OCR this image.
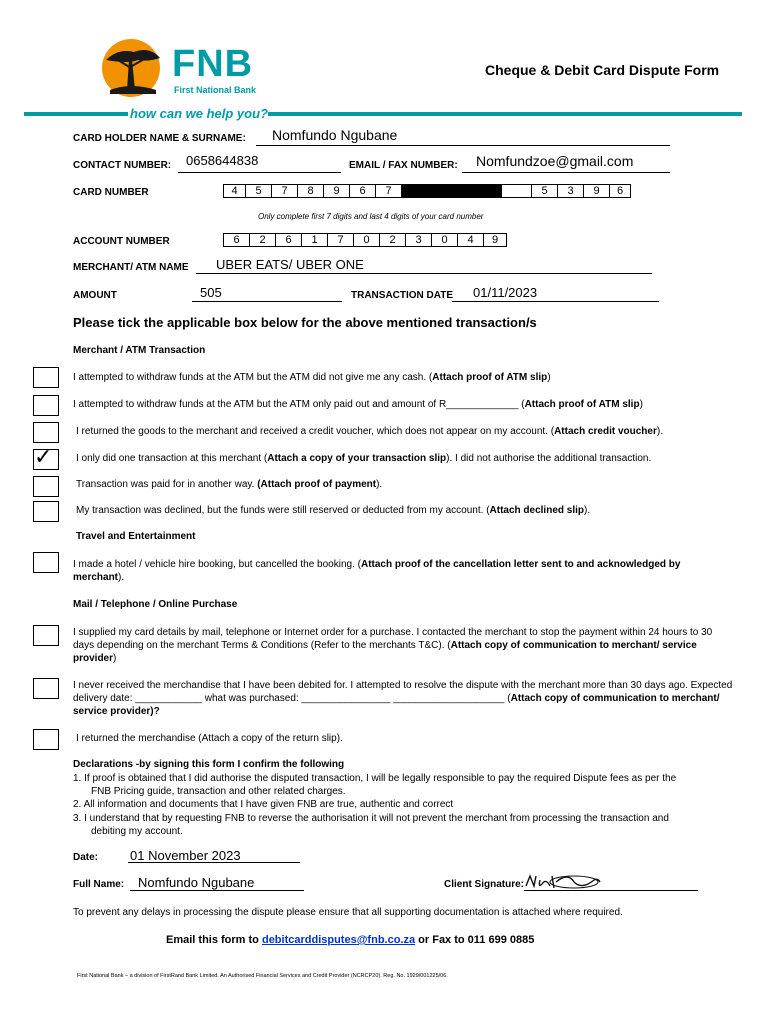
FNB
First National Bank
Cheque & Debit Card Dispute Form
how can we help you?
CARD HOLDER NAME & SURNAME: Nomfundo Ngubane
CONTACT NUMBER: 0658644838	EMAIL / FAX NUMBER: Nomfundzoe@gmail.com
CARD NUMBER	4	5	7	8	9	6	7	5	3	9	6
Only complete first 7 digits and last 4 digits of your card number
ACCOUNT NUMBER	6	2	6	1	7	0	2	3	0	4	9
MERCHANT/ ATM NAME UBER EATS/ UBER ONE
AMOUNT	505	TRANSACTION DATE 01/11/2023
Please tick the applicable box below for the above mentioned transaction/s
Merchant / ATM Transaction
I attempted to withdraw funds at the ATM but the ATM did not give me any cash. (Attach proof of ATM slip)
I attempted to withdraw funds at the ATM but the ATM only paid out and amount of R_____________ (Attach proof of ATM slip)
I returned the goods to the merchant and received a credit voucher, which does not appear on my account. (Attach credit voucher).
✓ I only did one transaction at this merchant (Attach a copy of your transaction slip). I did not authorise the additional transaction.
Transaction was paid for in another way. (Attach proof of payment).
My transaction was declined, but the funds were still reserved or deducted from my account. (Attach declined slip).
Travel and Entertainment
I made a hotel / vehicle hire booking, but cancelled the booking. (Attach proof of the cancellation letter sent to and acknowledged by merchant).
Mail / Telephone / Online Purchase
I supplied my card details by mail, telephone or Internet order for a purchase. I contacted the merchant to stop the payment within 24 hours to 30 days depending on the merchant Terms & Conditions (Refer to the merchants T&C). (Attach copy of communication to merchant/ service provider)
I never received the merchandise that I have been debited for. I attempted to resolve the dispute with the merchant more than 30 days ago. Expected delivery date: ____________ what was purchased: ________________ ____________________ (Attach copy of communication to merchant/ service provider)?
I returned the merchandise (Attach a copy of the return slip).
Declarations -by signing this form I confirm the following
1. If proof is obtained that I did authorise the disputed transaction, I will be legally responsible to pay the required Dispute fees as per the
FNB Pricing guide, transaction and other related charges.
2. All information and documents that I have given FNB are true, authentic and correct
3. I understand that by requesting FNB to reverse the authorisation it will not prevent the merchant from processing the transaction and
debiting my account.
Date: 01 November 2023
Full Name: Nomfundo Ngubane	Client Signature:
To prevent any delays in processing the dispute please ensure that all supporting documentation is attached where required.
Email this form to debitcarddisputes@fnb.co.za or Fax to 011 699 0885
First National Bank – a division of FirstRand Bank Limited. An Authorised Financial Services and Credit Provider (NCRCP20). Reg. No. 1929/001225/06.
